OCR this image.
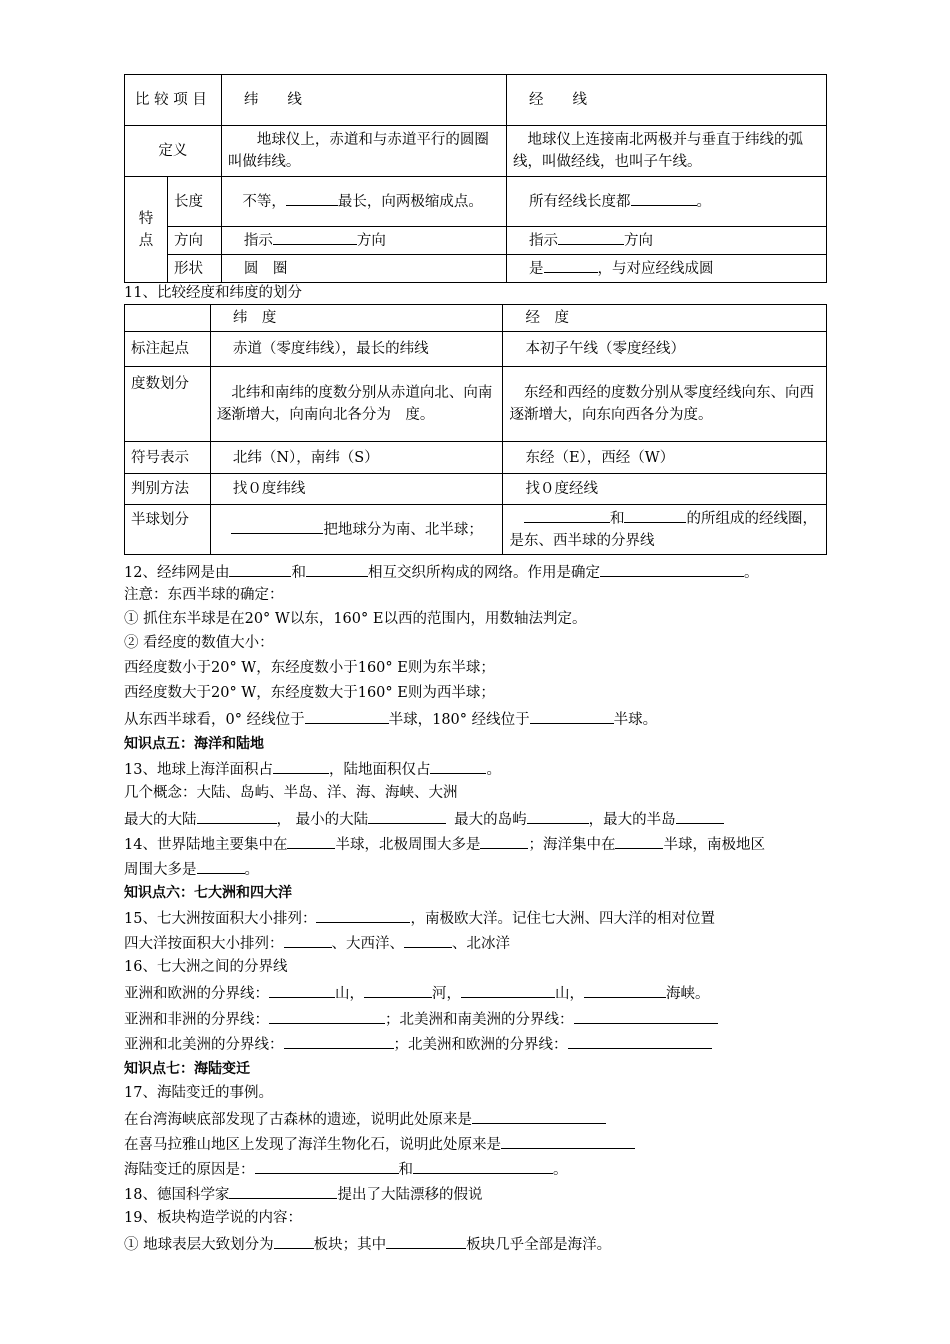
比 较 项 目		纬　　线	经　　线
定义		地球仪上，赤道和与赤道平行的圆圈叫做纬线。	地球仪上连接南北两极并与垂直于纬线的弧线，叫做经线，也叫子午线。
特点	长度	不等， 最长，向两极缩成点。	所有经线长度都 。
	方向	指示 方向	指示 方向
	形状	圆　圈	是 ，与对应经线成圆
11、比较经度和纬度的划分
	纬　度	经　度
标注起点	赤道（零度纬线），最长的纬线	本初子午线（零度经线）
度数划分	北纬和南纬的度数分别从赤道向北、向南逐渐增大，向南向北各分为　度。	东经和西经的度数分别从零度经线向东、向西逐渐增大，向东向西各分为度。
符号表示	北纬（N），南纬（S）	东经（E），西经（W）
判别方法	找０度纬线	找０度经线
半球划分	把地球分为南、北半球；	和 的所组成的经线圈，是东、西半球的分界线
12、经纬网是由	和	相互交织所构成的网络。作用是确定	。
注意：东西半球的确定：
① 抓住东半球是在20° W以东，160° E以西的范围内，用数轴法判定。
② 看经度的数值大小：
西经度数小于20° W，东经度数小于160° E则为东半球；
西经度数大于20° W，东经度数大于160° E则为西半球；
从东西半球看，0° 经线位于	半球，180° 经线位于	半球。
知识点五：海洋和陆地
13、地球上海洋面积占	，陆地面积仅占	。
几个概念：大陆、岛屿、半岛、洋、海、海峡、大洲
最大的大陆	， 最小的大陆	最大的岛屿	，最大的半岛
14、世界陆地主要集中在	半球，北极周围大多是	；海洋集中在	半球，南极地区
周围大多是	。
知识点六：七大洲和四大洋
15、七大洲按面积大小排列：	，南极欧大洋。记住七大洲、四大洋的相对位置
四大洋按面积大小排列：	、大西洋、	、北冰洋
16、七大洲之间的分界线
亚洲和欧洲的分界线：	山，	河，	山，	海峡。
亚洲和非洲的分界线：	；北美洲和南美洲的分界线：
亚洲和北美洲的分界线：	；北美洲和欧洲的分界线：
知识点七：海陆变迁
17、海陆变迁的事例。
在台湾海峡底部发现了古森林的遗迹，说明此处原来是
在喜马拉雅山地区上发现了海洋生物化石，说明此处原来是
海陆变迁的原因是：	和	。
18、德国科学家	提出了大陆漂移的假说
19、板块构造学说的内容：
① 地球表层大致划分为	板块；其中	板块几乎全部是海洋。
